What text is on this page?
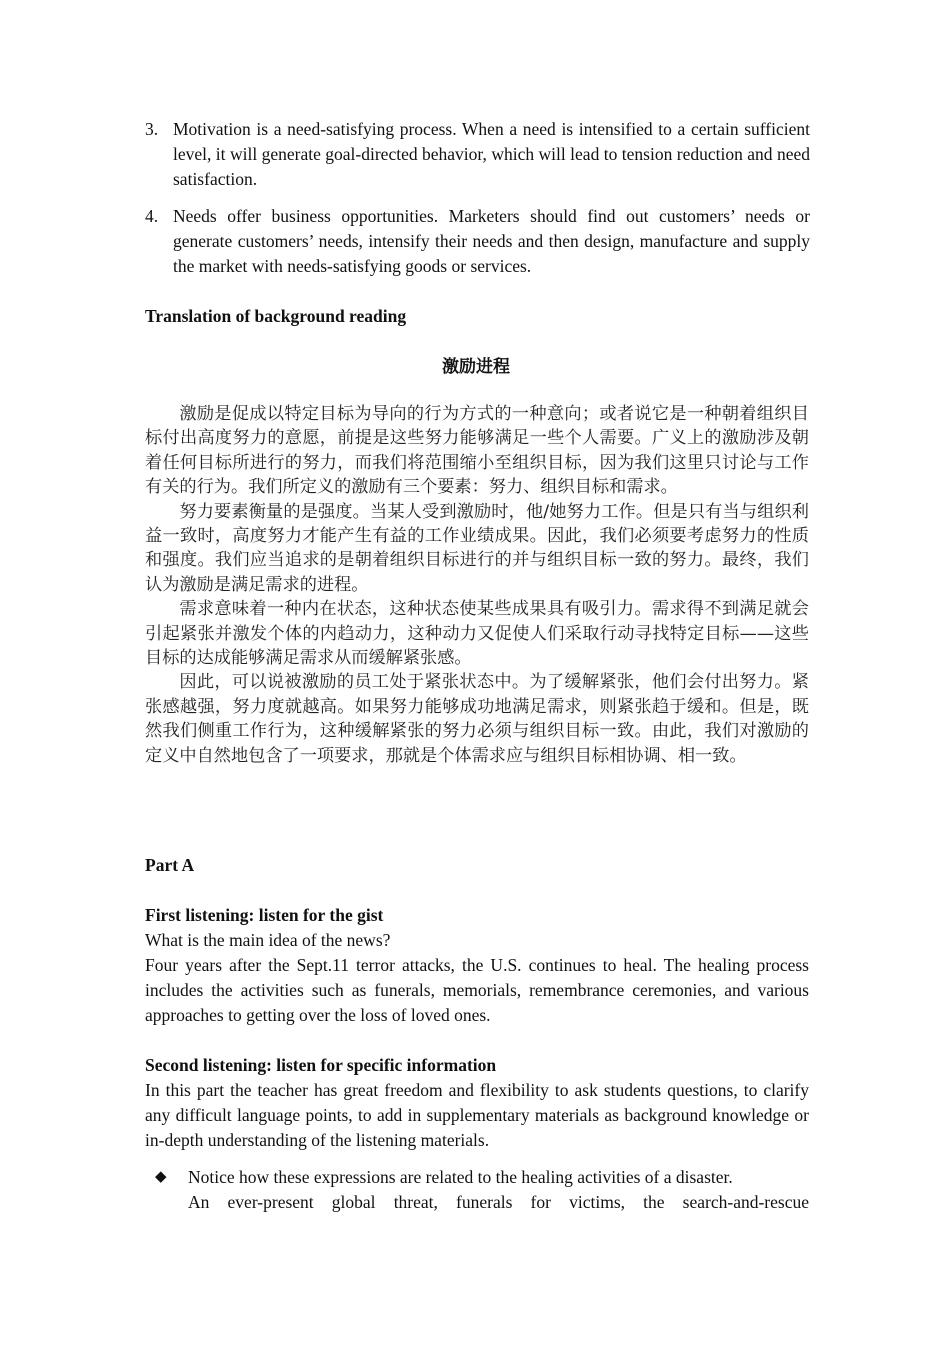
3. Motivation is a need-satisfying process. When a need is intensified to a certain sufficient level, it will generate goal-directed behavior, which will lead to tension reduction and need satisfaction.
4. Needs offer business opportunities. Marketers should find out customers’ needs or generate customers’ needs, intensify their needs and then design, manufacture and supply the market with needs-satisfying goods or services.
Translation of background reading
激励进程

激励是促成以特定目标为导向的行为方式的一种意向；或者说它是一种朝着组织目标付出高度努力的意愿，前提是这些努力能够满足一些个人需要。广义上的激励涉及朝着任何目标所进行的努力，而我们将范围缩小至组织目标，因为我们这里只讨论与工作有关的行为。我们所定义的激励有三个要素：努力、组织目标和需求。

努力要素衡量的是强度。当某人受到激励时，他/她努力工作。但是只有当与组织利益一致时，高度努力才能产生有益的工作业绩成果。因此，我们必须要考虑努力的性质和强度。我们应当追求的是朝着组织目标进行的并与组织目标一致的努力。最终，我们认为激励是满足需求的进程。

需求意味着一种内在状态，这种状态使某些成果具有吸引力。需求得不到满足就会引起紧张并激发个体的内趋动力，这种动力又促使人们采取行动寻找特定目标——这些目标的达成能够满足需求从而缓解紧张感。

因此，可以说被激励的员工处于紧张状态中。为了缓解紧张，他们会付出努力。紧张感越强，努力度就越高。如果努力能够成功地满足需求，则紧张趋于缓和。但是，既然我们侧重工作行为，这种缓解紧张的努力必须与组织目标一致。由此，我们对激励的定义中自然地包含了一项要求，那就是个体需求应与组织目标相协调、相一致。

Part A
First listening: listen for the gist
What is the main idea of the news?
Four years after the Sept.11 terror attacks, the U.S. continues to heal. The healing process includes the activities such as funerals, memorials, remembrance ceremonies, and various approaches to getting over the loss of loved ones.
Second listening: listen for specific information
In this part the teacher has great freedom and flexibility to ask students questions, to clarify any difficult language points, to add in supplementary materials as background knowledge or in-depth understanding of the listening materials.
◆ Notice how these expressions are related to the healing activities of a disaster.
An ever-present global threat, funerals for victims, the search-and-rescue
